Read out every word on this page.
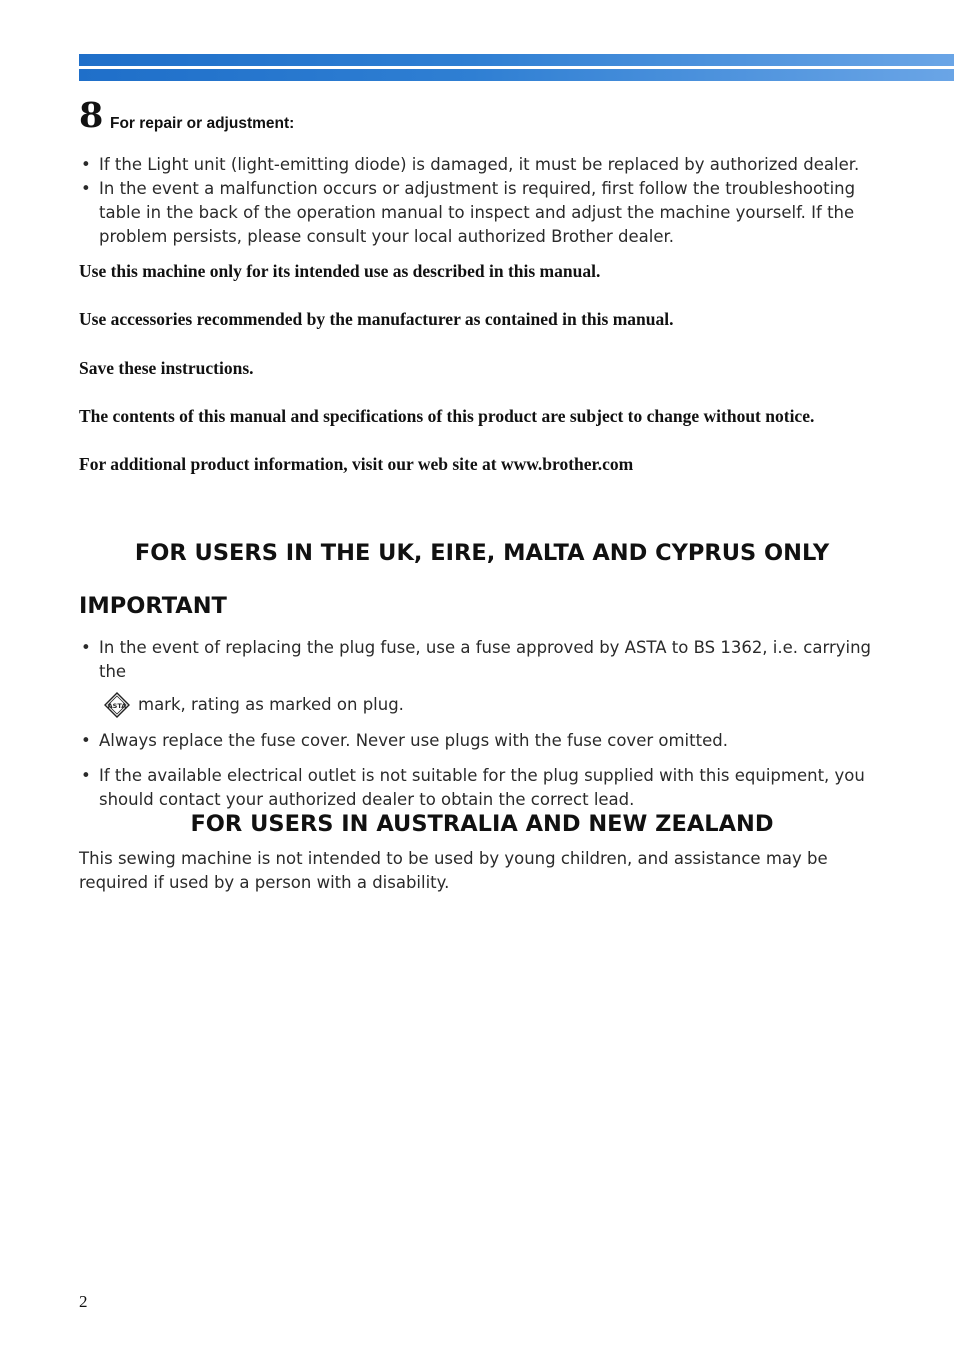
8 For repair or adjustment:
• If the Light unit (light-emitting diode) is damaged, it must be replaced by authorized dealer.
• In the event a malfunction occurs or adjustment is required, first follow the troubleshooting table in the back of the operation manual to inspect and adjust the machine yourself. If the problem persists, please consult your local authorized Brother dealer.
Use this machine only for its intended use as described in this manual.
Use accessories recommended by the manufacturer as contained in this manual.
Save these instructions.
The contents of this manual and specifications of this product are subject to change without notice.
For additional product information, visit our web site at www.brother.com
FOR USERS IN THE UK, EIRE, MALTA AND CYPRUS ONLY
IMPORTANT
• In the event of replacing the plug fuse, use a fuse approved by ASTA to BS 1362, i.e. carrying the
ASTA mark, rating as marked on plug.
• Always replace the fuse cover. Never use plugs with the fuse cover omitted.
• If the available electrical outlet is not suitable for the plug supplied with this equipment, you should contact your authorized dealer to obtain the correct lead.
FOR USERS IN AUSTRALIA AND NEW ZEALAND
This sewing machine is not intended to be used by young children, and assistance may be required if used by a person with a disability.
2
